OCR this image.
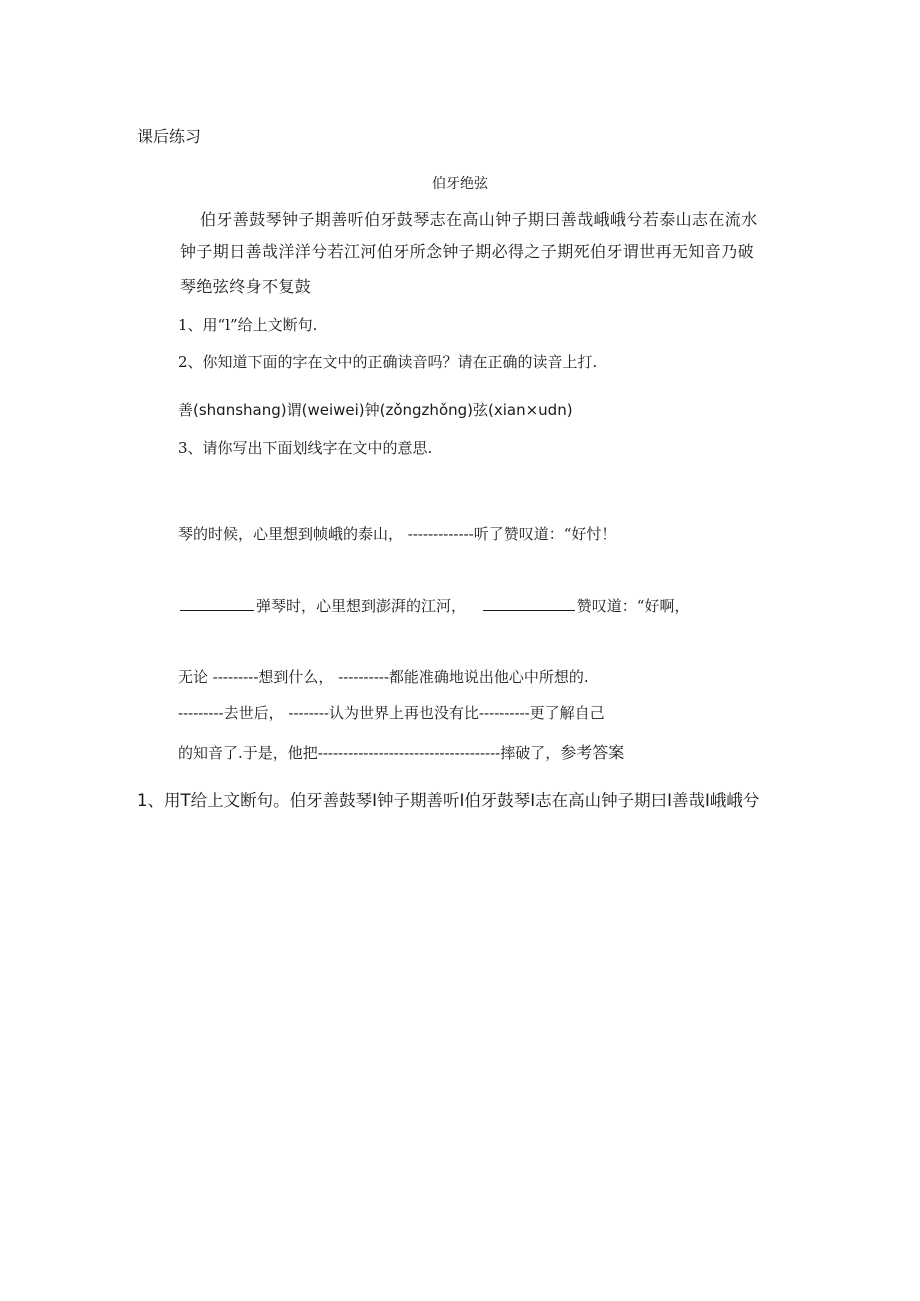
课后练习
伯牙绝弦
伯牙善鼓琴钟子期善听伯牙鼓琴志在高山钟子期曰善哉峨峨兮若泰山志在流水
钟子期日善哉洋洋兮若江河伯牙所念钟子期必得之子期死伯牙谓世再无知音乃破
琴绝弦终身不复鼓
1、用“l”给上文断句.
2、你知道下面的字在文中的正确读音吗？请在正确的读音上打.
善(shɑnshang)谓(weiwei)钟(zǒngzhǒng)弦(xian×udn)
3、请你写出下面划线字在文中的意思.
琴的时候，心里想到帧峨的泰山， -------------听了赞叹道：“好忖！
弹琴时，心里想到澎湃的江河，	赞叹道：“好啊，
无论 ---------想到什么， ----------都能准确地说出他心中所想的.
---------去世后， --------认为世界上再也没有比----------更了解自己
的知音了.于是，他把------------------------------------摔破了，参考答案
1、用T给上文断句。伯牙善鼓琴I钟子期善听I伯牙鼓琴I志在高山钟子期曰I善哉I峨峨兮
